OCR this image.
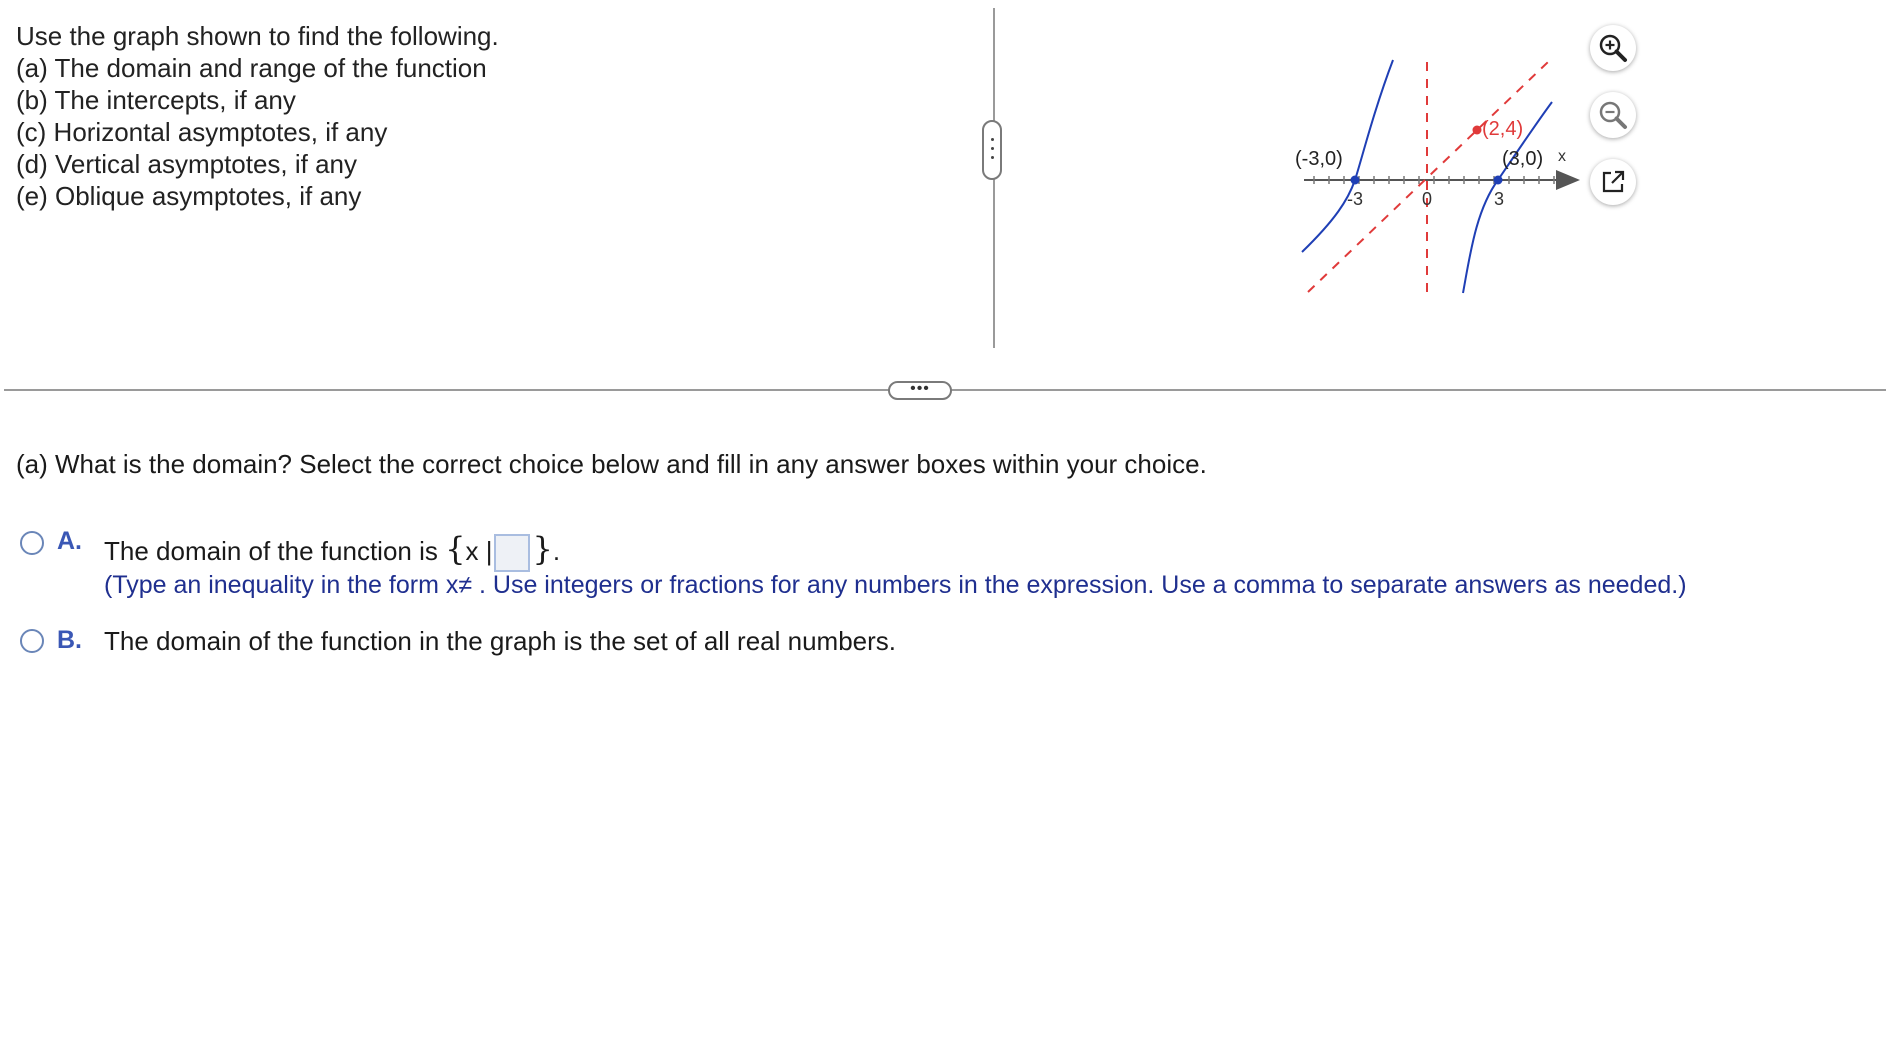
Use the graph shown to find the following.
(a) The domain and range of the function
(b) The intercepts, if any
(c) Horizontal asymptotes, if any
(d) Vertical asymptotes, if any
(e) Oblique asymptotes, if any
(-3,0)	(3,0)
(2,4)
x
-3	0	3
•••
(a) What is the domain? Select the correct choice below and fill in any answer boxes within your choice.
A. The domain of the function is {x | }.
(Type an inequality in the form x≠ . Use integers or fractions for any numbers in the expression. Use a comma to separate answers as needed.)
B. The domain of the function in the graph is the set of all real numbers.
